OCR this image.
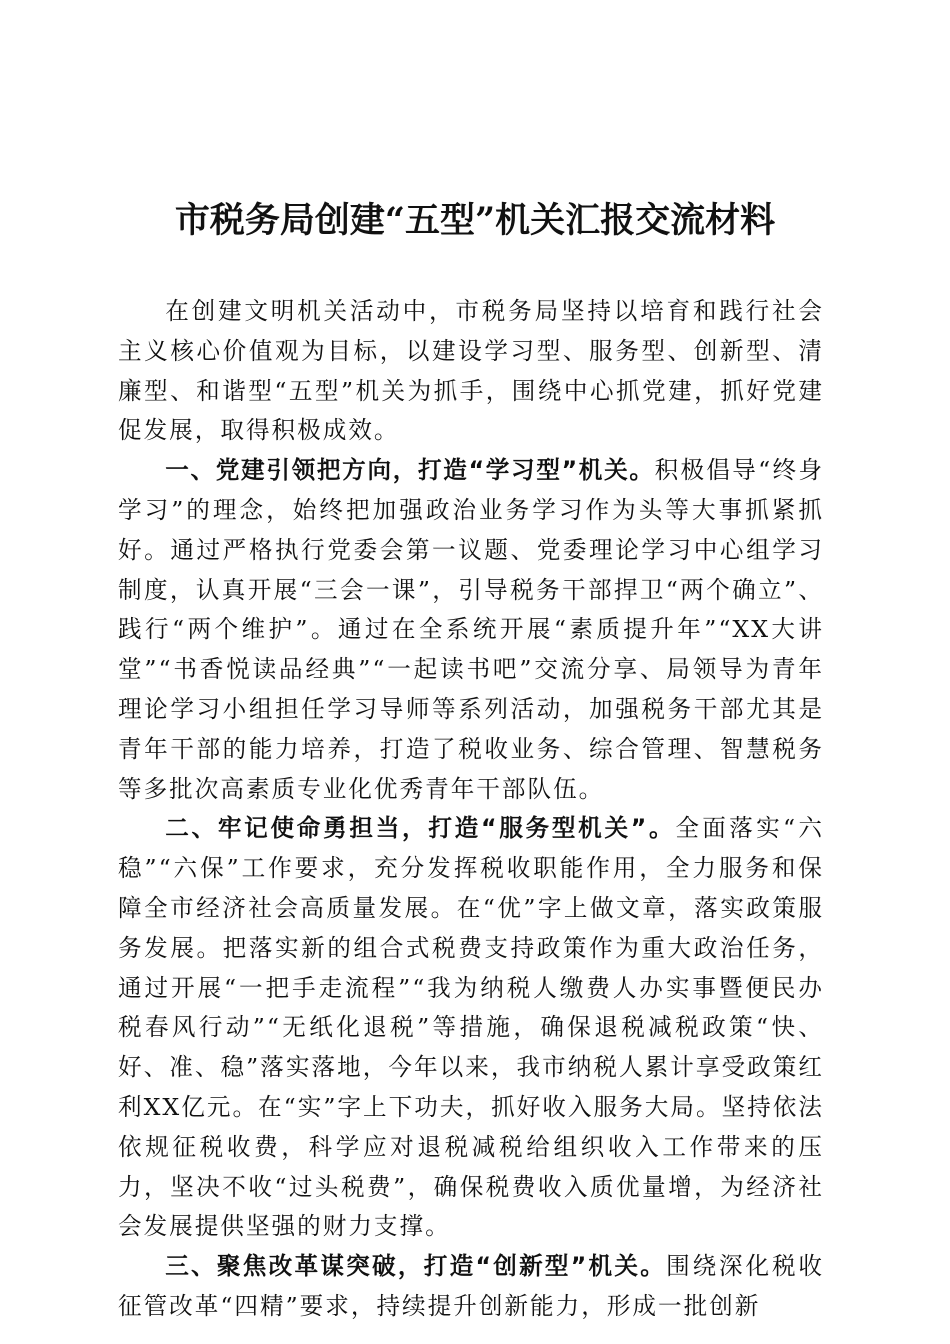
市税务局创建“五型”机关汇报交流材料

在创建文明机关活动中，市税务局坚持以培育和践行社会主义核心价值观为目标，以建设学习型、服务型、创新型、清廉型、和谐型“五型”机关为抓手，围绕中心抓党建，抓好党建促发展，取得积极成效。

一、党建引领把方向，打造“学习型”机关。积极倡导“终身学习”的理念，始终把加强政治业务学习作为头等大事抓紧抓好。通过严格执行党委会第一议题、党委理论学习中心组学习制度，认真开展“三会一课”，引导税务干部捍卫“两个确立”、践行“两个维护”。通过在全系统开展“素质提升年”“XX大讲堂”“书香悦读品经典”“一起读书吧”交流分享、局领导为青年理论学习小组担任学习导师等系列活动，加强税务干部尤其是青年干部的能力培养，打造了税收业务、综合管理、智慧税务等多批次高素质专业化优秀青年干部队伍。

二、牢记使命勇担当，打造“服务型机关”。全面落实“六稳”“六保”工作要求，充分发挥税收职能作用，全力服务和保障全市经济社会高质量发展。在“优”字上做文章，落实政策服务发展。把落实新的组合式税费支持政策作为重大政治任务，通过开展“一把手走流程”“我为纳税人缴费人办实事暨便民办税春风行动”“无纸化退税”等措施，确保退税减税政策“快、好、准、稳”落实落地，今年以来，我市纳税人累计享受政策红利XX亿元。在“实”字上下功夫，抓好收入服务大局。坚持依法依规征税收费，科学应对退税减税给组织收入工作带来的压力，坚决不收“过头税费”，确保税费收入质优量增，为经济社会发展提供坚强的财力支撑。

三、聚焦改革谋突破，打造“创新型”机关。围绕深化税收征管改革“四精”要求，持续提升创新能力，形成一批创新
